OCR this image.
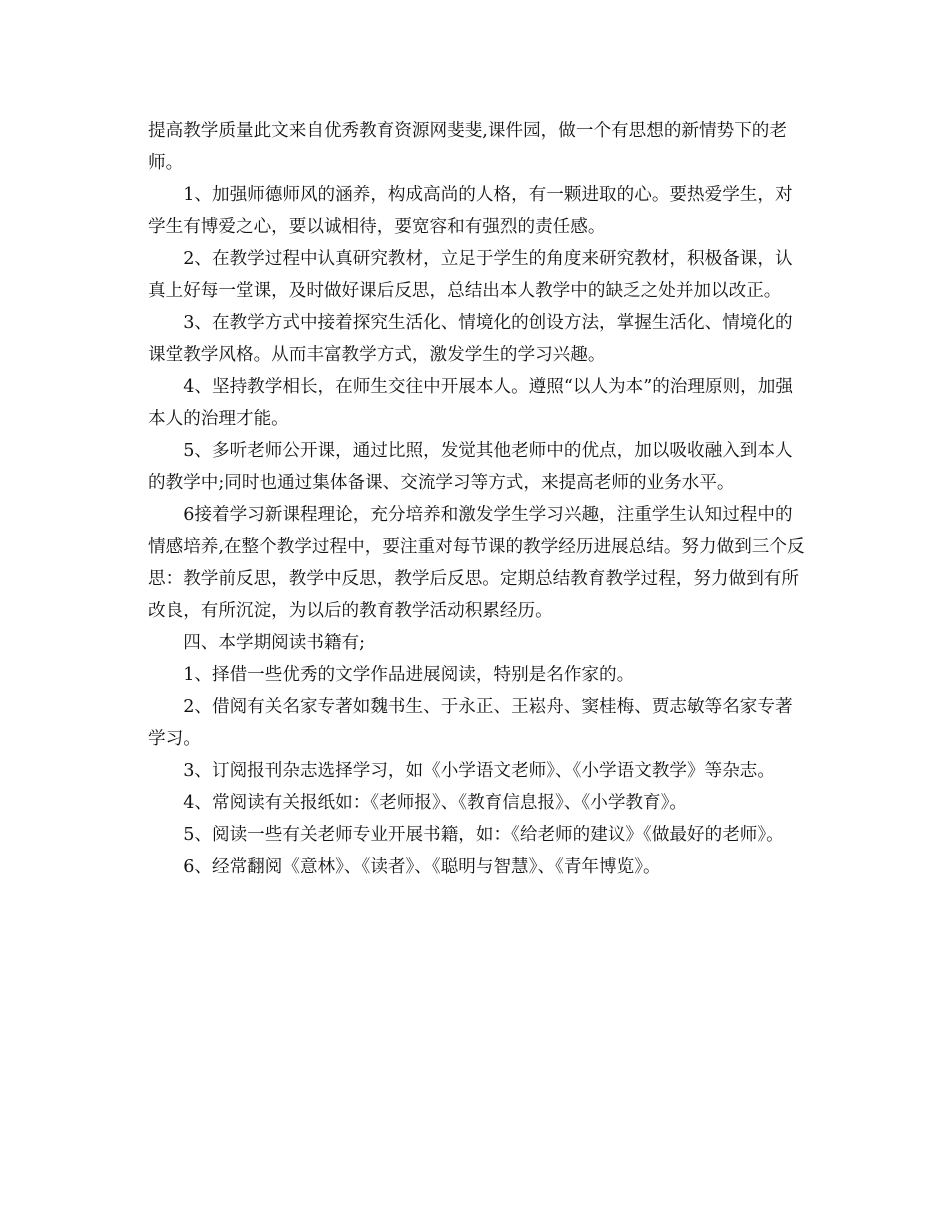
提高教学质量此文来自优秀教育资源网斐斐,课件园，做一个有思想的新情势下的老师。

1、加强师德师风的涵养，构成高尚的人格，有一颗进取的心。要热爱学生，对学生有博爱之心，要以诚相待，要宽容和有强烈的责任感。

2、在教学过程中认真研究教材，立足于学生的角度来研究教材，积极备课，认真上好每一堂课，及时做好课后反思，总结出本人教学中的缺乏之处并加以改正。

3、在教学方式中接着探究生活化、情境化的创设方法，掌握生活化、情境化的课堂教学风格。从而丰富教学方式，激发学生的学习兴趣。

4、坚持教学相长，在师生交往中开展本人。遵照“以人为本”的治理原则，加强本人的治理才能。

5、多听老师公开课，通过比照，发觉其他老师中的优点，加以吸收融入到本人的教学中;同时也通过集体备课、交流学习等方式，来提高老师的业务水平。

6接着学习新课程理论，充分培养和激发学生学习兴趣，注重学生认知过程中的情感培养,在整个教学过程中，要注重对每节课的教学经历进展总结。努力做到三个反思：教学前反思，教学中反思，教学后反思。定期总结教育教学过程，努力做到有所改良，有所沉淀，为以后的教育教学活动积累经历。

四、本学期阅读书籍有;

1、择借一些优秀的文学作品进展阅读，特别是名作家的。

2、借阅有关名家专著如魏书生、于永正、王崧舟、窦桂梅、贾志敏等名家专著学习。

3、订阅报刊杂志选择学习，如《小学语文老师》、《小学语文教学》等杂志。

4、常阅读有关报纸如：《老师报》、《教育信息报》、《小学教育》。

5、阅读一些有关老师专业开展书籍，如：《给老师的建议》《做最好的老师》。

6、经常翻阅《意林》、《读者》、《聪明与智慧》、《青年博览》。
